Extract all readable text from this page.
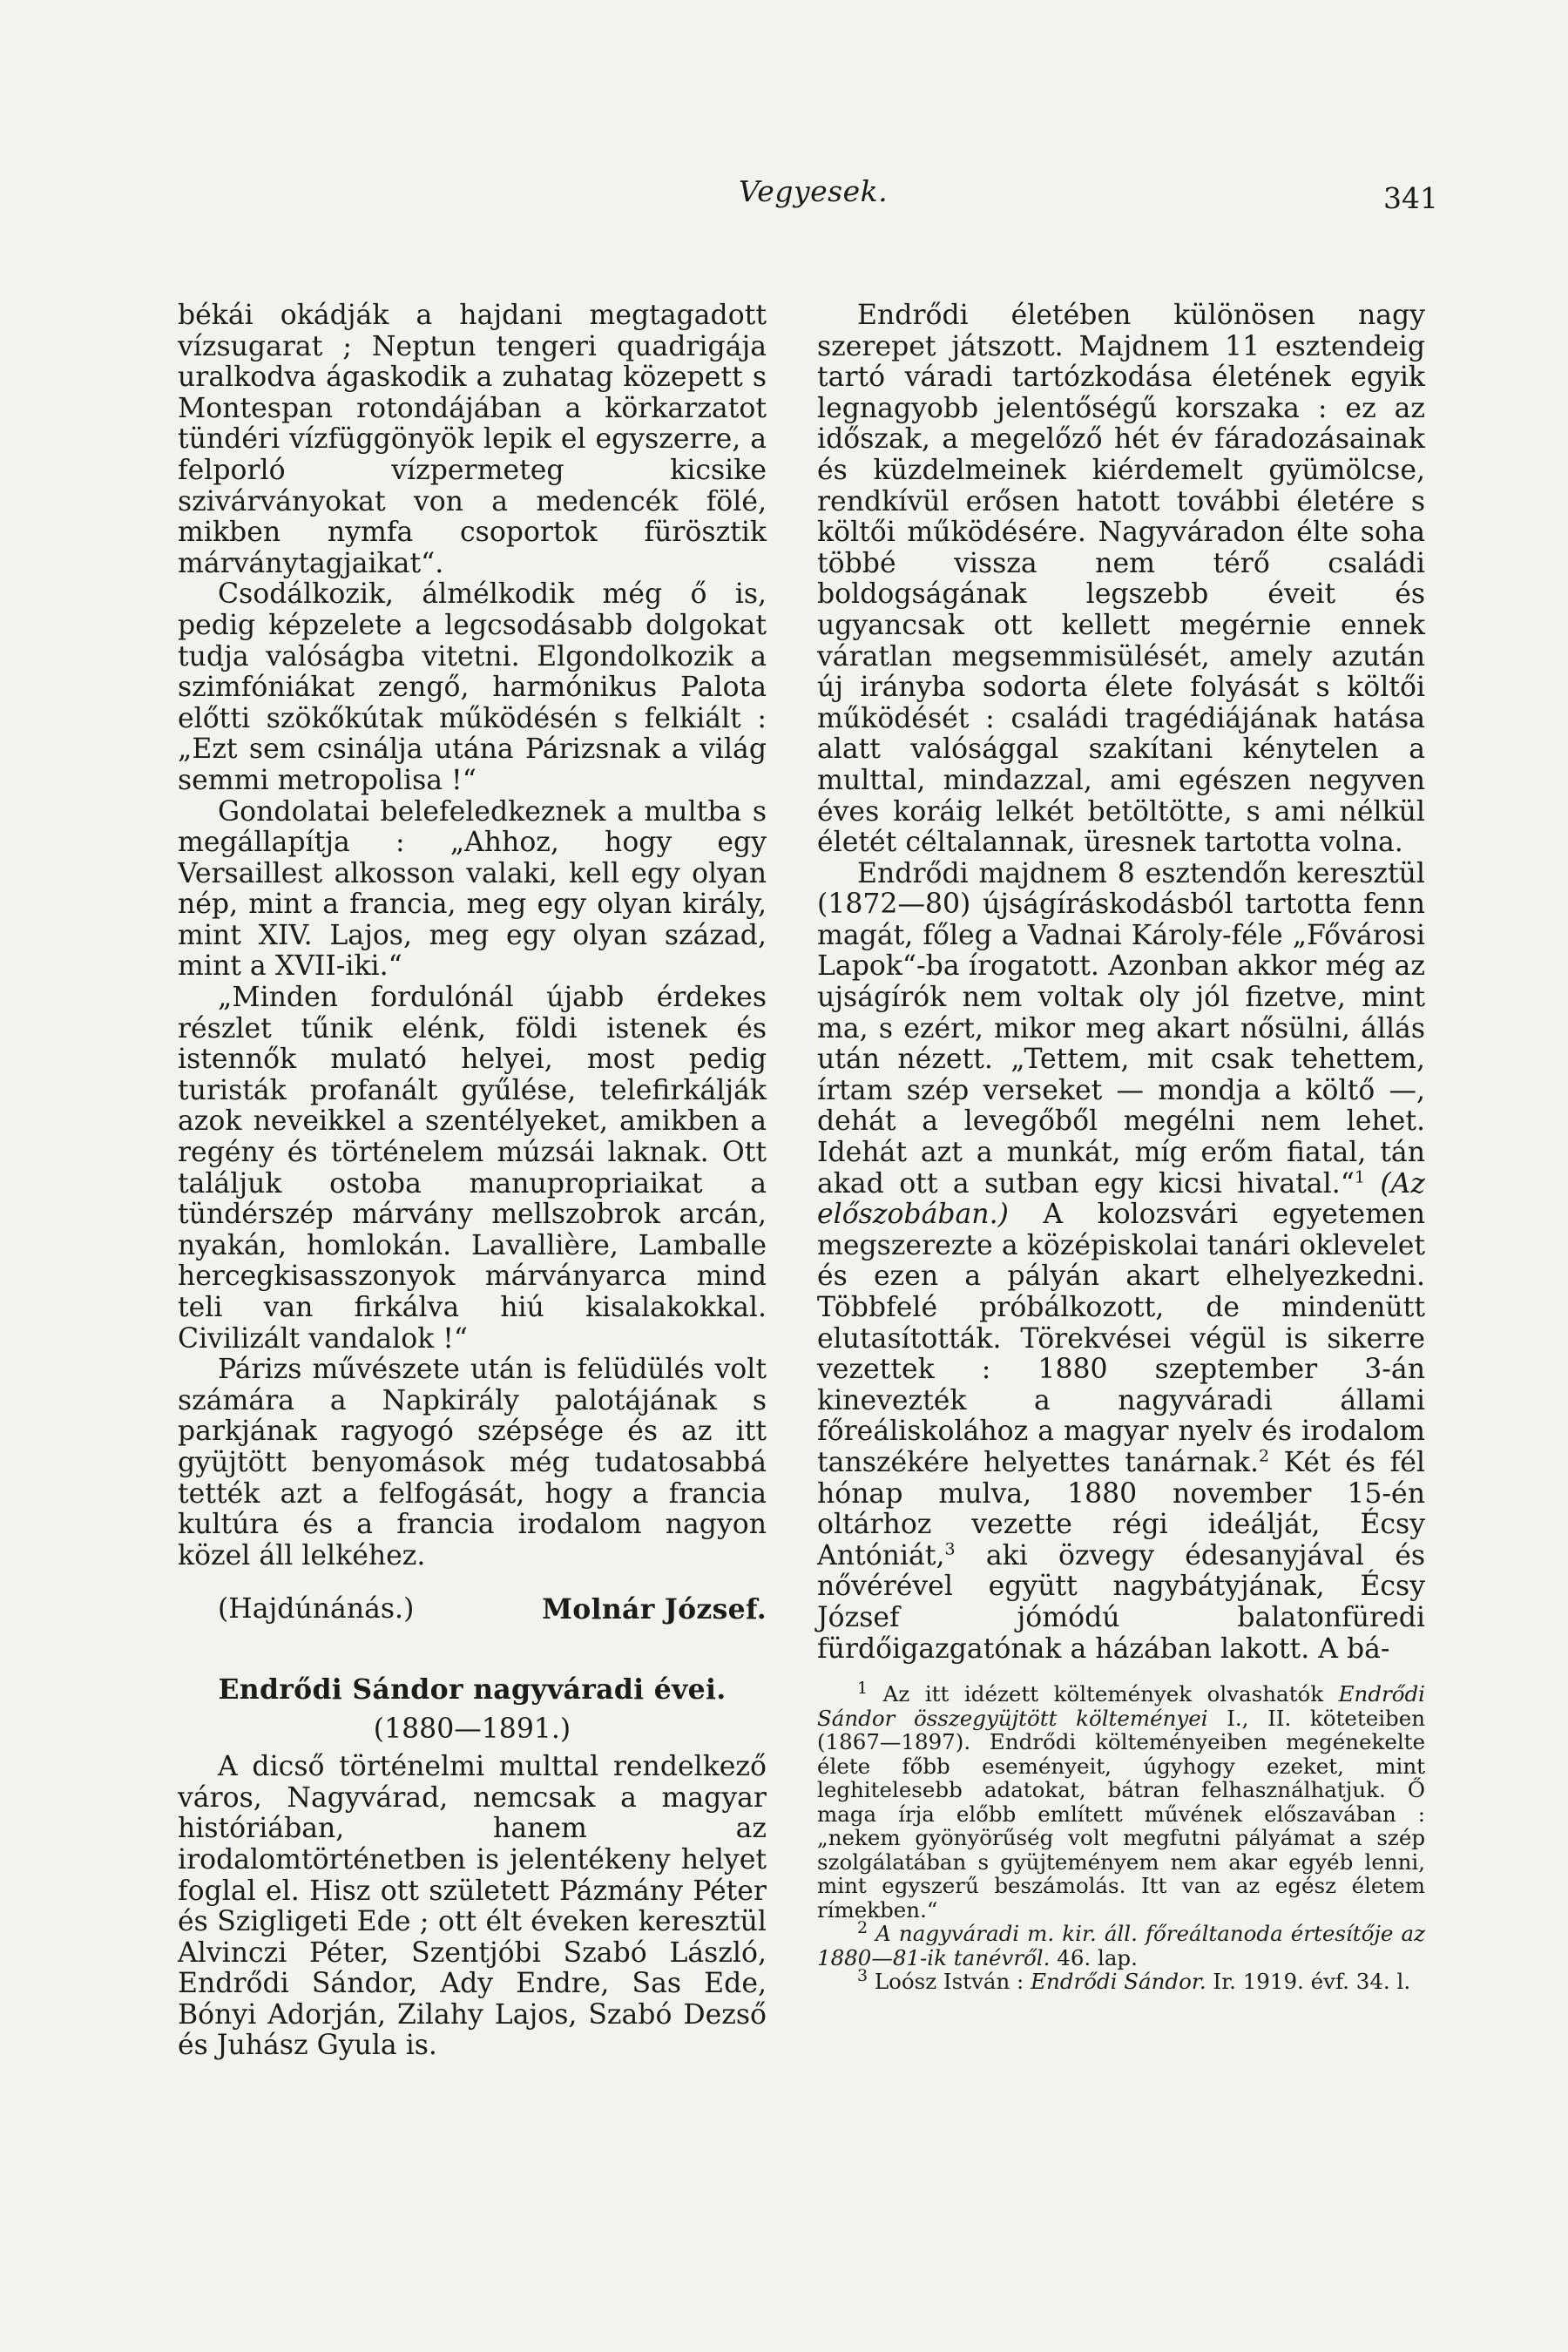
Vegyesek.	341

békái okádják a hajdani megtagadott vízsugarat ; Neptun tengeri quadrigája uralkodva ágaskodik a zuhatag közepett s Montespan rotondájában a körkarzatot tündéri vízfüggönyök lepik el egyszerre, a felporló vízpermeteg kicsike szivárványokat von a medencék fölé, mikben nymfa csoportok fürösztik márványtagjaikat“.

Csodálkozik, álmélkodik még ő is, pedig képzelete a legcsodásabb dolgokat tudja valóságba vitetni. Elgondolkozik a szimfóniákat zengő, harmónikus Palota előtti szökőkútak működésén s felkiált : „Ezt sem csinálja utána Párizsnak a világ semmi metropolisa !“

Gondolatai belefeledkeznek a multba s megállapítja : „Ahhoz, hogy egy Versaillest alkosson valaki, kell egy olyan nép, mint a francia, meg egy olyan király, mint XIV. Lajos, meg egy olyan század, mint a XVII-iki.“

„Minden fordulónál újabb érdekes részlet tűnik elénk, földi istenek és istennők mulató helyei, most pedig turisták profanált gyűlése, telefirkálják azok neveikkel a szentélyeket, amikben a regény és történelem múzsái laknak. Ott találjuk ostoba manupropriaikat a tündérszép márvány mellszobrok arcán, nyakán, homlokán. Lavallière, Lamballe hercegkisasszonyok márványarca mind teli van firkálva hiú kisalakokkal. Civilizált vandalok !“

Párizs művészete után is felüdülés volt számára a Napkirály palotájának s parkjának ragyogó szépsége és az itt gyüjtött benyomások még tudatosabbá tették azt a felfogását, hogy a francia kultúra és a francia irodalom nagyon közel áll lelkéhez.

(Hajdúnánás.)	Molnár József.
Endrődi Sándor nagyváradi évei.
(1880—1891.)

A dicső történelmi multtal rendelkező város, Nagyvárad, nemcsak a magyar históriában, hanem az irodalomtörténetben is jelentékeny helyet foglal el. Hisz ott született Pázmány Péter és Szigligeti Ede ; ott élt éveken keresztül Alvinczi Péter, Szentjóbi Szabó László, Endrődi Sándor, Ady Endre, Sas Ede, Bónyi Adorján, Zilahy Lajos, Szabó Dezső és Juhász Gyula is.

Endrődi életében különösen nagy szerepet játszott. Majdnem 11 esztendeig tartó váradi tartózkodása életének egyik legnagyobb jelentőségű korszaka : ez az időszak, a megelőző hét év fáradozásainak és küzdelmeinek kiérdemelt gyümölcse, rendkívül erősen hatott további életére s költői működésére. Nagyváradon élte soha többé vissza nem térő családi boldogságának legszebb éveit és ugyancsak ott kellett megérnie ennek váratlan megsemmisülését, amely azután új irányba sodorta élete folyását s költői működését : családi tragédiájának hatása alatt valósággal szakítani kénytelen a multtal, mindazzal, ami egészen negyven éves koráig lelkét betöltötte, s ami nélkül életét céltalannak, üresnek tartotta volna.

Endrődi majdnem 8 esztendőn keresztül (1872—80) újságíráskodásból tartotta fenn magát, főleg a Vadnai Károly-féle „Fővárosi Lapok“-ba írogatott. Azonban akkor még az ujságírók nem voltak oly jól fizetve, mint ma, s ezért, mikor meg akart nősülni, állás után nézett. „Tettem, mit csak tehettem, írtam szép verseket — mondja a költő —, dehát a levegőből megélni nem lehet. Idehát azt a munkát, míg erőm fiatal, tán akad ott a sutban egy kicsi hivatal.“$^1$ (Az előszobában.) A kolozsvári egyetemen megszerezte a középiskolai tanári oklevelet és ezen a pályán akart elhelyezkedni. Többfelé próbálkozott, de mindenütt elutasították. Törekvései végül is sikerre vezettek : 1880 szeptember 3-án kinevezték a nagyváradi állami főreáliskolához a magyar nyelv és irodalom tanszékére helyettes tanárnak.$^2$ Két és fél hónap mulva, 1880 november 15-én oltárhoz vezette régi ideálját, Écsy Antóniát,$^3$ aki özvegy édesanyjával és nővérével együtt nagybátyjának, Écsy József jómódú balatonfüredi fürdőigazgatónak a házában lakott. A bá-

$^1$ Az itt idézett költemények olvashatók Endrődi Sándor összegyüjtött költeményei I., II. köteteiben (1867—1897). Endrődi költeményeiben megénekelte élete főbb eseményeit, úgyhogy ezeket, mint leghitelesebb adatokat, bátran felhasználhatjuk. Ő maga írja előbb említett művének előszavában : „nekem gyönyörűség volt megfutni pályámat a szép szolgálatában s gyüjteményem nem akar egyéb lenni, mint egyszerű beszámolás. Itt van az egész életem rímekben.“

$^2$ A nagyváradi m. kir. áll. főreáltanoda értesítője az 1880—81-ik tanévről. 46. lap.

$^3$ Loósz István : Endrődi Sándor. Ir. 1919. évf. 34. l.
